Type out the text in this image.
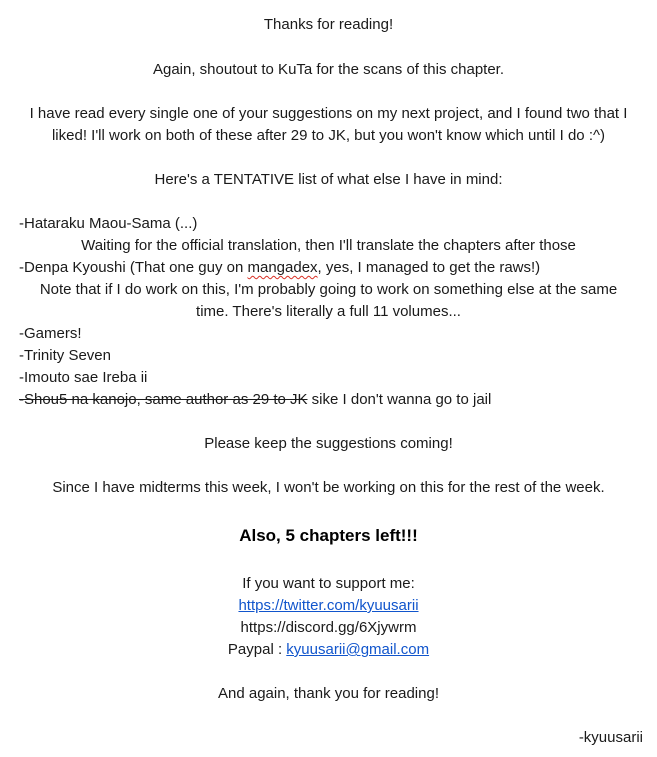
Thanks for reading!
Again, shoutout to KuTa for the scans of this chapter.
I have read every single one of your suggestions on my next project, and I found two that I
liked! I'll work on both of these after 29 to JK, but you won't know which until I do :^)
Here's a TENTATIVE list of what else I have in mind:
-Hataraku Maou-Sama (...)
Waiting for the official translation, then I'll translate the chapters after those
-Denpa Kyoushi (That one guy on mangadex, yes, I managed to get the raws!)
Note that if I do work on this, I'm probably going to work on something else at the same
time. There's literally a full 11 volumes...
-Gamers!
-Trinity Seven
-Imouto sae Ireba ii
-Shou5 na kanojo, same author as 29 to JK sike I don't wanna go to jail
Please keep the suggestions coming!
Since I have midterms this week, I won't be working on this for the rest of the week.
Also, 5 chapters left!!!
If you want to support me:
https://twitter.com/kyuusarii
https://discord.gg/6Xjywrm
Paypal : kyuusarii@gmail.com
And again, thank you for reading!
-kyuusarii
